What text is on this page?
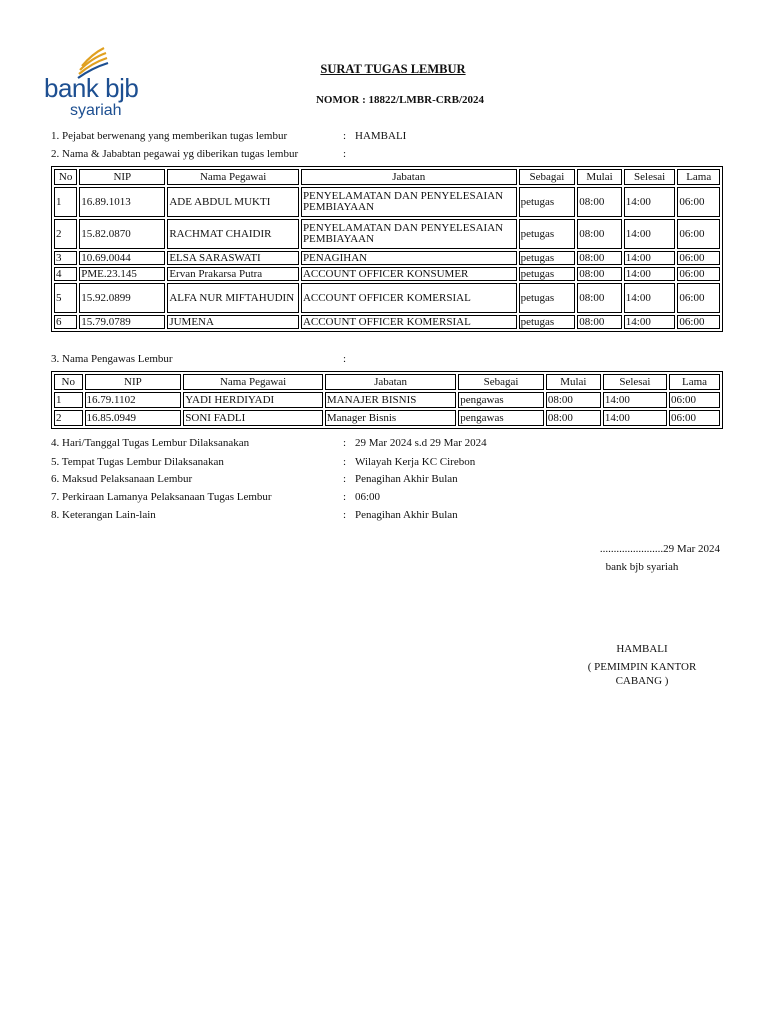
bank bjb
syariah
SURAT TUGAS LEMBUR
NOMOR : 18822/LMBR-CRB/2024
1. Pejabat berwenang yang memberikan tugas lembur	: HAMBALI
2. Nama & Jababtan pegawai yg diberikan tugas lembur	:
No	NIP	Nama Pegawai	Jabatan	Sebagai	Mulai	Selesai	Lama
1	16.89.1013	ADE ABDUL MUKTI	PENYELAMATAN DAN PENYELESAIAN PEMBIAYAAN	petugas	08:00	14:00	06:00
2	15.82.0870	RACHMAT CHAIDIR	PENYELAMATAN DAN PENYELESAIAN PEMBIAYAAN	petugas	08:00	14:00	06:00
3	10.69.0044	ELSA SARASWATI	PENAGIHAN	petugas	08:00	14:00	06:00
4	PME.23.145	Ervan Prakarsa Putra	ACCOUNT OFFICER KONSUMER	petugas	08:00	14:00	06:00
5	15.92.0899	ALFA NUR MIFTAHUDIN	ACCOUNT OFFICER KOMERSIAL	petugas	08:00	14:00	06:00
6	15.79.0789	JUMENA	ACCOUNT OFFICER KOMERSIAL	petugas	08:00	14:00	06:00
3. Nama Pengawas Lembur	:
No	NIP	Nama Pegawai	Jabatan	Sebagai	Mulai	Selesai	Lama
1	16.79.1102	YADI HERDIYADI	MANAJER BISNIS	pengawas	08:00	14:00	06:00
2	16.85.0949	SONI FADLI	Manager Bisnis	pengawas	08:00	14:00	06:00
4. Hari/Tanggal Tugas Lembur Dilaksanakan	: 29 Mar 2024 s.d 29 Mar 2024
5. Tempat Tugas Lembur Dilaksanakan	: Wilayah Kerja KC Cirebon
6. Maksud Pelaksanaan Lembur	: Penagihan Akhir Bulan
7. Perkiraan Lamanya Pelaksanaan Tugas Lembur	: 06:00
8. Keterangan Lain-lain	: Penagihan Akhir Bulan
.......................29 Mar 2024
bank bjb syariah
HAMBALI
( PEMIMPIN KANTOR CABANG )
